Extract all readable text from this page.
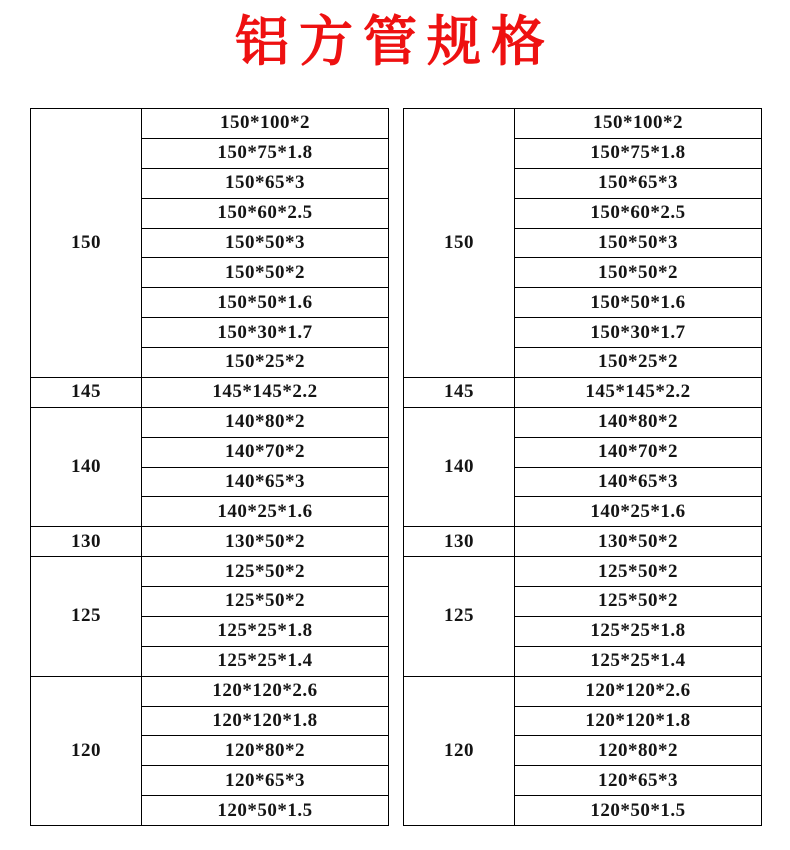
铝方管规格
150	150*100*2
	150*75*1.8
	150*65*3
	150*60*2.5
	150*50*3
	150*50*2
	150*50*1.6
	150*30*1.7
	150*25*2
145	145*145*2.2
140	140*80*2
	140*70*2
	140*65*3
	140*25*1.6
130	130*50*2
125	125*50*2
	125*50*2
	125*25*1.8
	125*25*1.4
120	120*120*2.6
	120*120*1.8
	120*80*2
	120*65*3
	120*50*1.5
150	150*100*2
	150*75*1.8
	150*65*3
	150*60*2.5
	150*50*3
	150*50*2
	150*50*1.6
	150*30*1.7
	150*25*2
145	145*145*2.2
140	140*80*2
	140*70*2
	140*65*3
	140*25*1.6
130	130*50*2
125	125*50*2
	125*50*2
	125*25*1.8
	125*25*1.4
120	120*120*2.6
	120*120*1.8
	120*80*2
	120*65*3
	120*50*1.5
